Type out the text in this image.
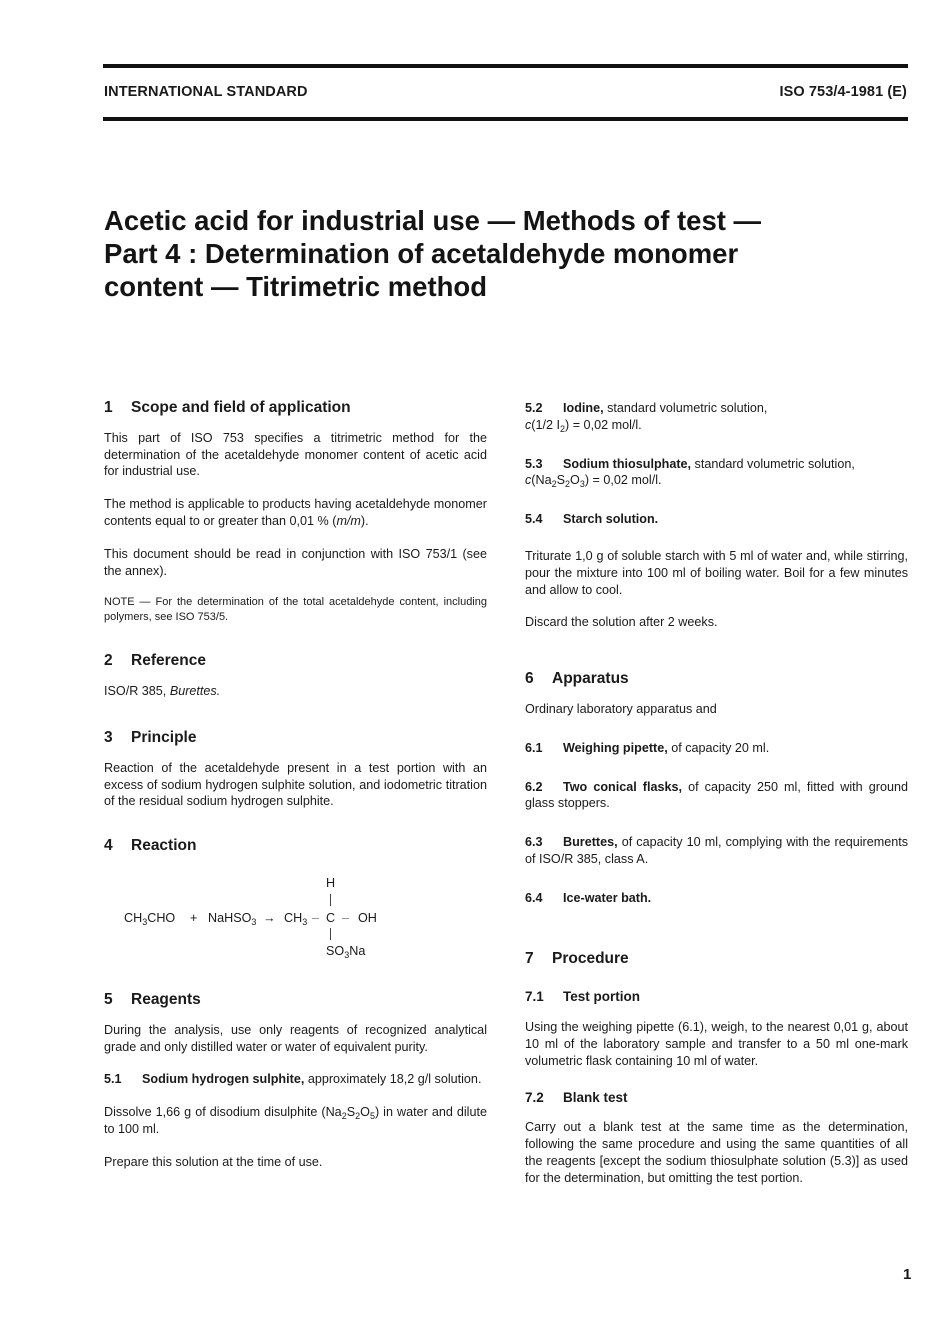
INTERNATIONAL STANDARD	ISO 753/4-1981 (E)
Acetic acid for industrial use — Methods of test —
Part 4 : Determination of acetaldehyde monomer
content — Titrimetric method
1 Scope and field of application

This part of ISO 753 specifies a titrimetric method for the determination of the acetaldehyde monomer content of acetic acid for industrial use.

The method is applicable to products having acetaldehyde monomer contents equal to or greater than 0,01 % (m/m).

This document should be read in conjunction with ISO 753/1 (see the annex).

NOTE — For the determination of the total acetaldehyde content, including polymers, see ISO 753/5.

2 Reference

ISO/R 385, Burettes.

3 Principle

Reaction of the acetaldehyde present in a test portion with an excess of sodium hydrogen sulphite solution, and iodometric titration of the residual sodium hydrogen sulphite.

4 Reaction
$CH_3CHO$ + NaHSO$_3$ → $CH_3$ – C – OH
H
$SO_3Na$
5 Reagents

During the analysis, use only reagents of recognized analytical grade and only distilled water or water of equivalent purity.

5.1 Sodium hydrogen sulphite, approximately 18,2 g/l solution.

Dissolve 1,66 g of disodium disulphite $(Na_2S_2O_5)$ in water and dilute to 100 ml.

Prepare this solution at the time of use.

5.2 Iodine, standard volumetric solution,
c(1/2 $I_2) = 0,02$ mol/l.

5.3 Sodium thiosulphate, standard volumetric solution,
$c(Na_2S_2O_3) = 0,02$ mol/l.

5.4 Starch solution.

Triturate 1,0 g of soluble starch with 5 ml of water and, while stirring, pour the mixture into 100 ml of boiling water. Boil for a few minutes and allow to cool.

Discard the solution after 2 weeks.

6 Apparatus

Ordinary laboratory apparatus and

6.1 Weighing pipette, of capacity 20 ml.

6.2 Two conical flasks, of capacity 250 ml, fitted with ground glass stoppers.

6.3 Burettes, of capacity 10 ml, complying with the requirements of ISO/R 385, class A.

6.4 Ice-water bath.

7 Procedure
7.1 Test portion

Using the weighing pipette (6.1), weigh, to the nearest 0,01 g, about 10 ml of the laboratory sample and transfer to a 50 ml one-mark volumetric flask containing 10 ml of water.

7.2 Blank test

Carry out a blank test at the same time as the determination, following the same procedure and using the same quantities of all the reagents [except the sodium thiosulphate solution (5.3)] as used for the determination, but omitting the test portion.

1
